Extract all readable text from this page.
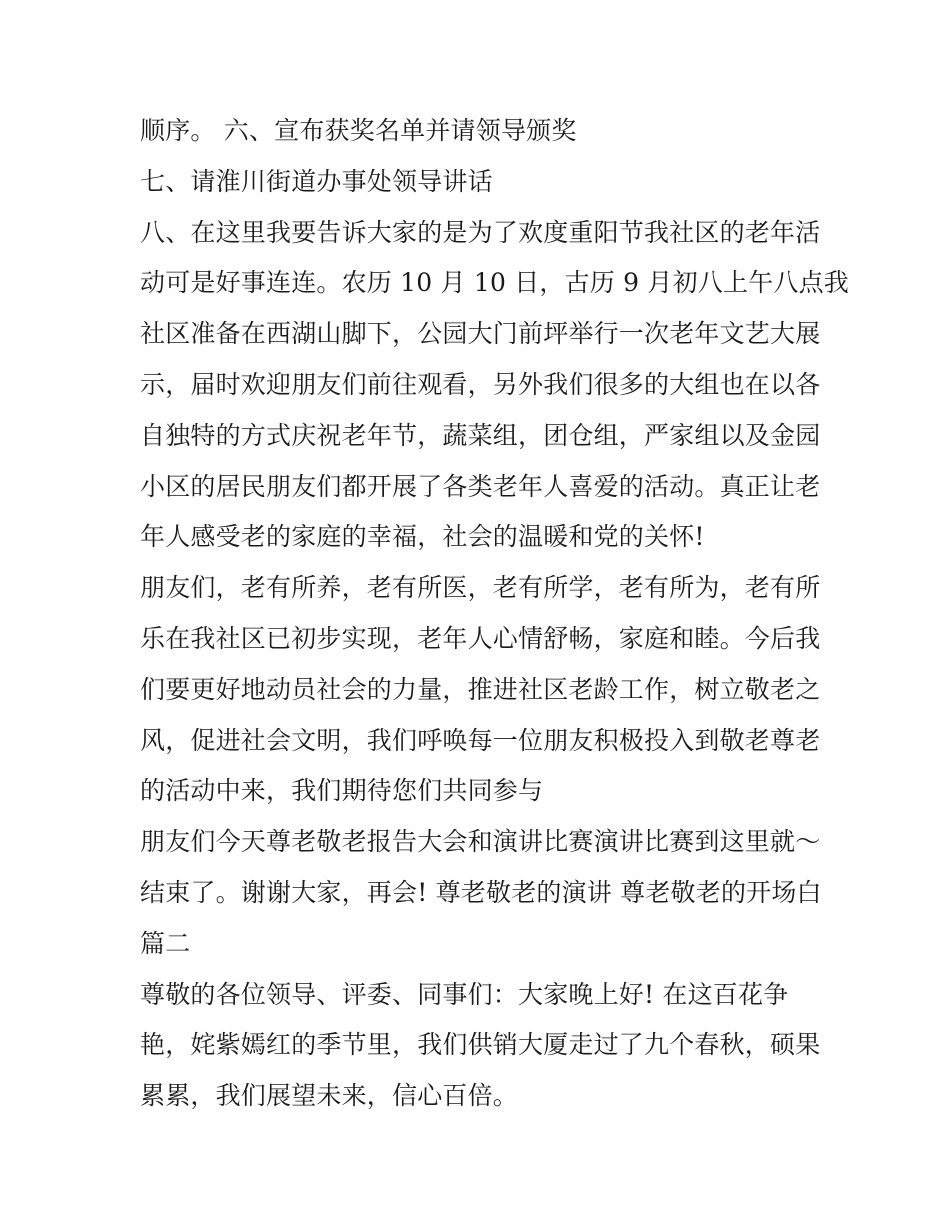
顺序。 六、宣布获奖名单并请领导颁奖
七、请淮川街道办事处领导讲话
八、在这里我要告诉大家的是为了欢度重阳节我社区的老年活
动可是好事连连。农历 10 月 10 日，古历 9 月初八上午八点我
社区准备在西湖山脚下，公园大门前坪举行一次老年文艺大展
示，届时欢迎朋友们前往观看，另外我们很多的大组也在以各
自独特的方式庆祝老年节，蔬菜组，团仓组，严家组以及金园
小区的居民朋友们都开展了各类老年人喜爱的活动。真正让老
年人感受老的家庭的幸福，社会的温暖和党的关怀!
朋友们，老有所养，老有所医，老有所学，老有所为，老有所
乐在我社区已初步实现，老年人心情舒畅，家庭和睦。今后我
们要更好地动员社会的力量，推进社区老龄工作，树立敬老之
风，促进社会文明，我们呼唤每一位朋友积极投入到敬老尊老
的活动中来，我们期待您们共同参与
朋友们今天尊老敬老报告大会和演讲比赛演讲比赛到这里就～
结束了。谢谢大家，再会! 尊老敬老的演讲 尊老敬老的开场白
篇二
尊敬的各位领导、评委、同事们：大家晚上好! 在这百花争
艳，姹紫嫣红的季节里，我们供销大厦走过了九个春秋，硕果
累累，我们展望未来，信心百倍。
